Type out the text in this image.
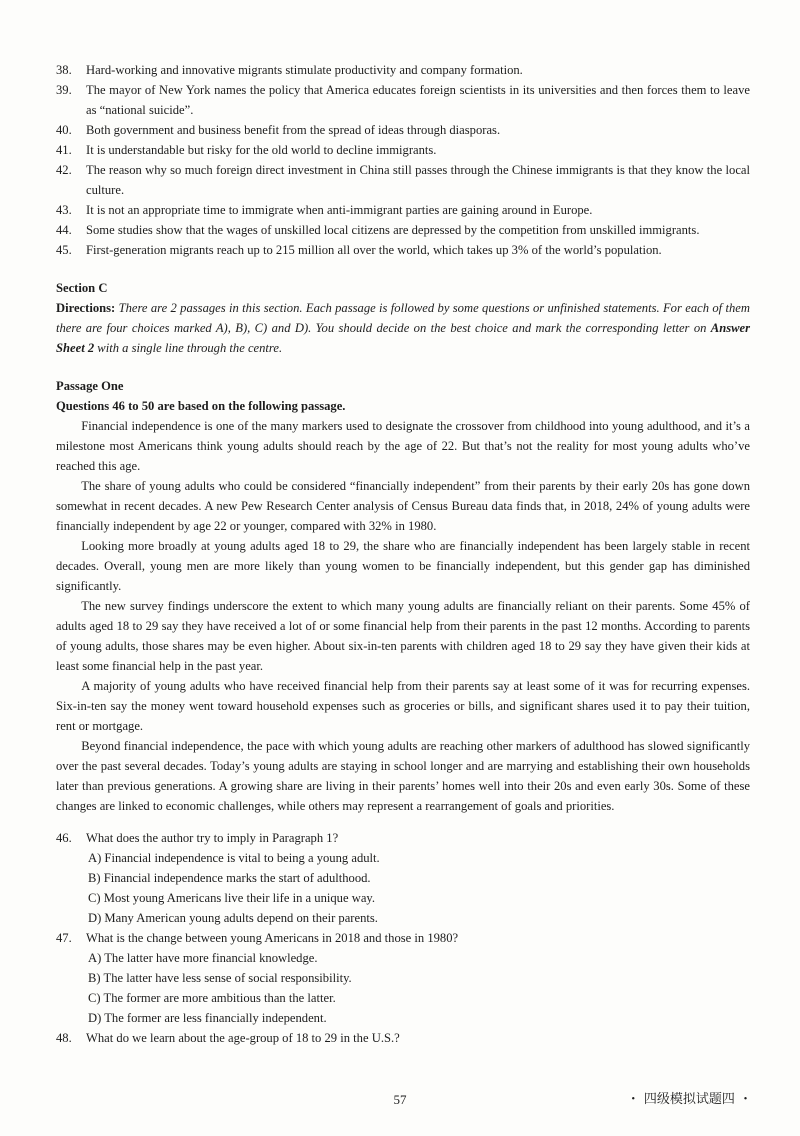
38. Hard-working and innovative migrants stimulate productivity and company formation.
39. The mayor of New York names the policy that America educates foreign scientists in its universities and then forces them to leave as “national suicide”.
40. Both government and business benefit from the spread of ideas through diasporas.
41. It is understandable but risky for the old world to decline immigrants.
42. The reason why so much foreign direct investment in China still passes through the Chinese immigrants is that they know the local culture.
43. It is not an appropriate time to immigrate when anti-immigrant parties are gaining around in Europe.
44. Some studies show that the wages of unskilled local citizens are depressed by the competition from unskilled immigrants.
45. First-generation migrants reach up to 215 million all over the world, which takes up 3% of the world’s population.
Section C
Directions: There are 2 passages in this section. Each passage is followed by some questions or unfinished statements. For each of them there are four choices marked A), B), C) and D). You should decide on the best choice and mark the corresponding letter on Answer Sheet 2 with a single line through the centre.
Passage One
Questions 46 to 50 are based on the following passage.

Financial independence is one of the many markers used to designate the crossover from childhood into young adulthood, and it’s a milestone most Americans think young adults should reach by the age of 22. But that’s not the reality for most young adults who’ve reached this age.

The share of young adults who could be considered “financially independent” from their parents by their early 20s has gone down somewhat in recent decades. A new Pew Research Center analysis of Census Bureau data finds that, in 2018, 24% of young adults were financially independent by age 22 or younger, compared with 32% in 1980.

Looking more broadly at young adults aged 18 to 29, the share who are financially independent has been largely stable in recent decades. Overall, young men are more likely than young women to be financially independent, but this gender gap has diminished significantly.

The new survey findings underscore the extent to which many young adults are financially reliant on their parents. Some 45% of adults aged 18 to 29 say they have received a lot of or some financial help from their parents in the past 12 months. According to parents of young adults, those shares may be even higher. About six-in-ten parents with children aged 18 to 29 say they have given their kids at least some financial help in the past year.

A majority of young adults who have received financial help from their parents say at least some of it was for recurring expenses. Six-in-ten say the money went toward household expenses such as groceries or bills, and significant shares used it to pay their tuition, rent or mortgage.

Beyond financial independence, the pace with which young adults are reaching other markers of adulthood has slowed significantly over the past several decades. Today’s young adults are staying in school longer and are marrying and establishing their own households later than previous generations. A growing share are living in their parents’ homes well into their 20s and even early 30s. Some of these changes are linked to economic challenges, while others may represent a rearrangement of goals and priorities.

46. What does the author try to imply in Paragraph 1?
A) Financial independence is vital to being a young adult.
B) Financial independence marks the start of adulthood.
C) Most young Americans live their life in a unique way.
D) Many American young adults depend on their parents.
47. What is the change between young Americans in 2018 and those in 1980?
A) The latter have more financial knowledge.
B) The latter have less sense of social responsibility.
C) The former are more ambitious than the latter.
D) The former are less financially independent.
48. What do we learn about the age-group of 18 to 29 in the U.S.?
57	・ 四级模拟试题四 ・
